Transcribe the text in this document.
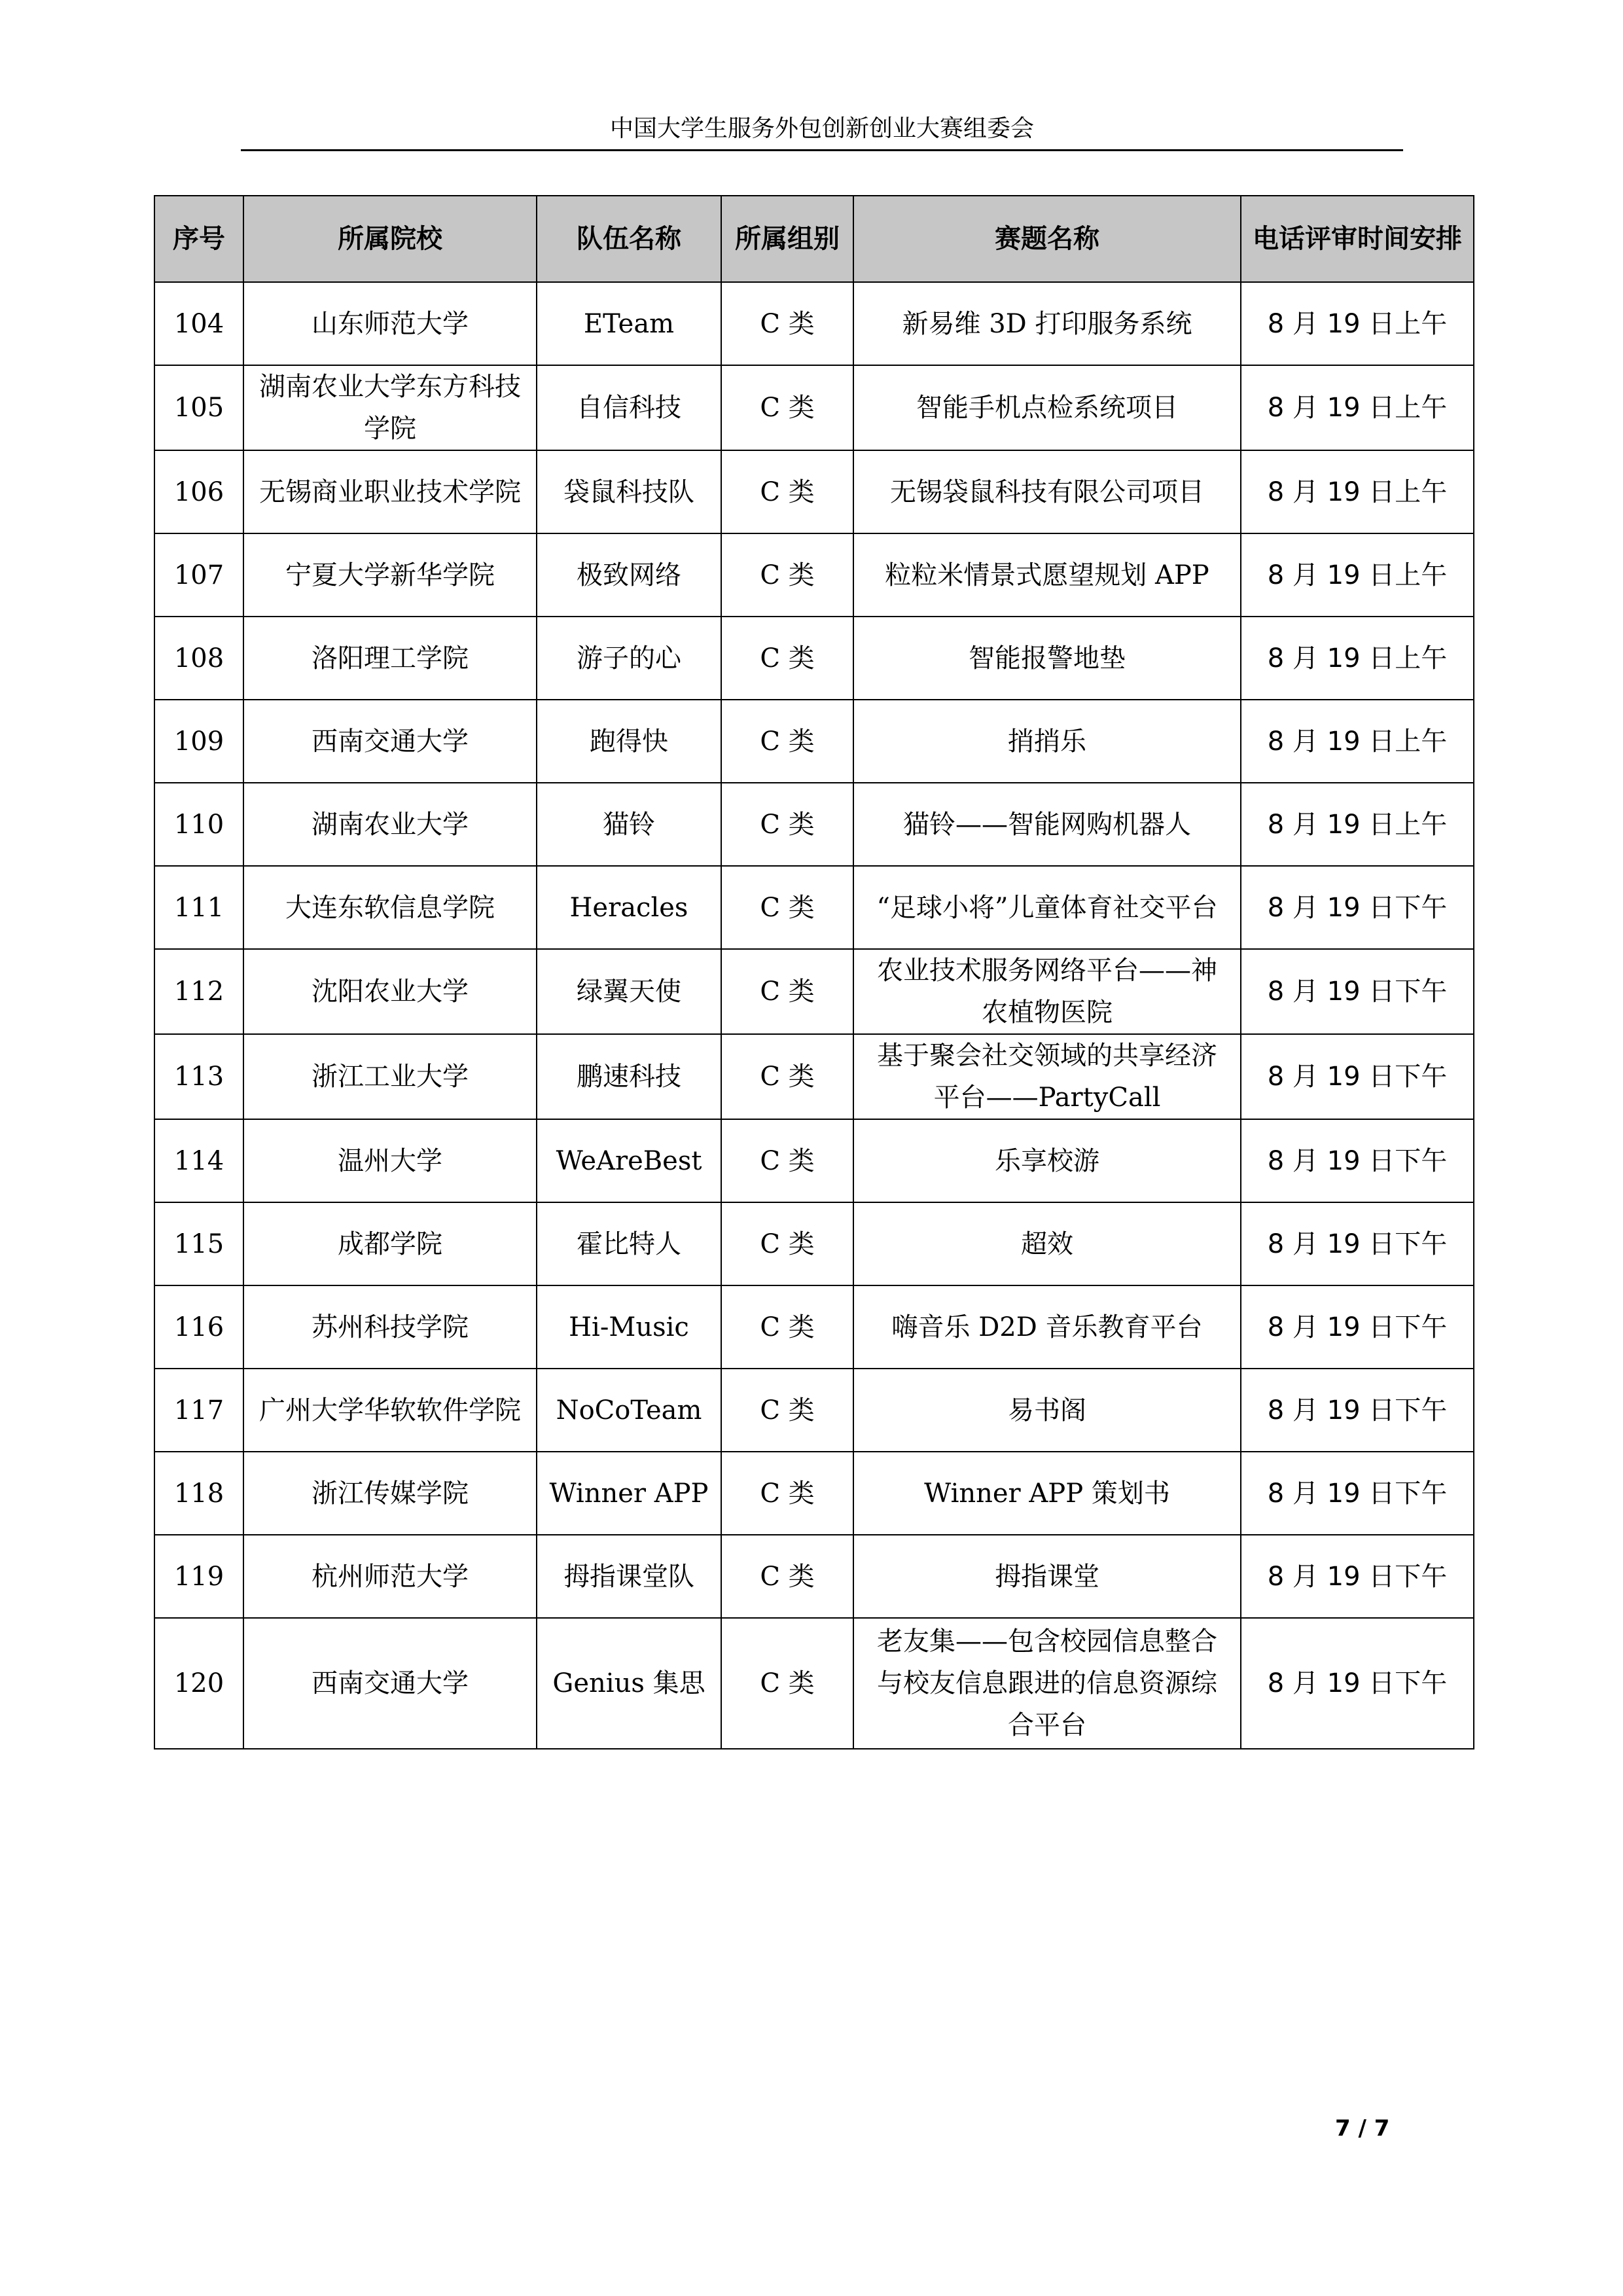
中国大学生服务外包创新创业大赛组委会
序号	所属院校	队伍名称	所属组别	赛题名称	电话评审时间安排
104	山东师范大学	ETeam	C 类	新易维 3D 打印服务系统	8 月 19 日上午
105	湖南农业大学东方科技学院	自信科技	C 类	智能手机点检系统项目	8 月 19 日上午
106	无锡商业职业技术学院	袋鼠科技队	C 类	无锡袋鼠科技有限公司项目	8 月 19 日上午
107	宁夏大学新华学院	极致网络	C 类	粒粒米情景式愿望规划 APP	8 月 19 日上午
108	洛阳理工学院	游子的心	C 类	智能报警地垫	8 月 19 日上午
109	西南交通大学	跑得快	C 类	捎捎乐	8 月 19 日上午
110	湖南农业大学	猫铃	C 类	猫铃——智能网购机器人	8 月 19 日上午
111	大连东软信息学院	Heracles	C 类	“足球小将”儿童体育社交平台	8 月 19 日下午
112	沈阳农业大学	绿翼天使	C 类	农业技术服务网络平台——神农植物医院	8 月 19 日下午
113	浙江工业大学	鹏速科技	C 类	基于聚会社交领域的共享经济平台——PartyCall	8 月 19 日下午
114	温州大学	WeAreBest	C 类	乐享校游	8 月 19 日下午
115	成都学院	霍比特人	C 类	超效	8 月 19 日下午
116	苏州科技学院	Hi-Music	C 类	嗨音乐 D2D 音乐教育平台	8 月 19 日下午
117	广州大学华软软件学院	NoCoTeam	C 类	易书阁	8 月 19 日下午
118	浙江传媒学院	Winner APP	C 类	Winner APP 策划书	8 月 19 日下午
119	杭州师范大学	拇指课堂队	C 类	拇指课堂	8 月 19 日下午
120	西南交通大学	Genius 集思	C 类	老友集——包含校园信息整合与校友信息跟进的信息资源综合平台	8 月 19 日下午
7 / 7
